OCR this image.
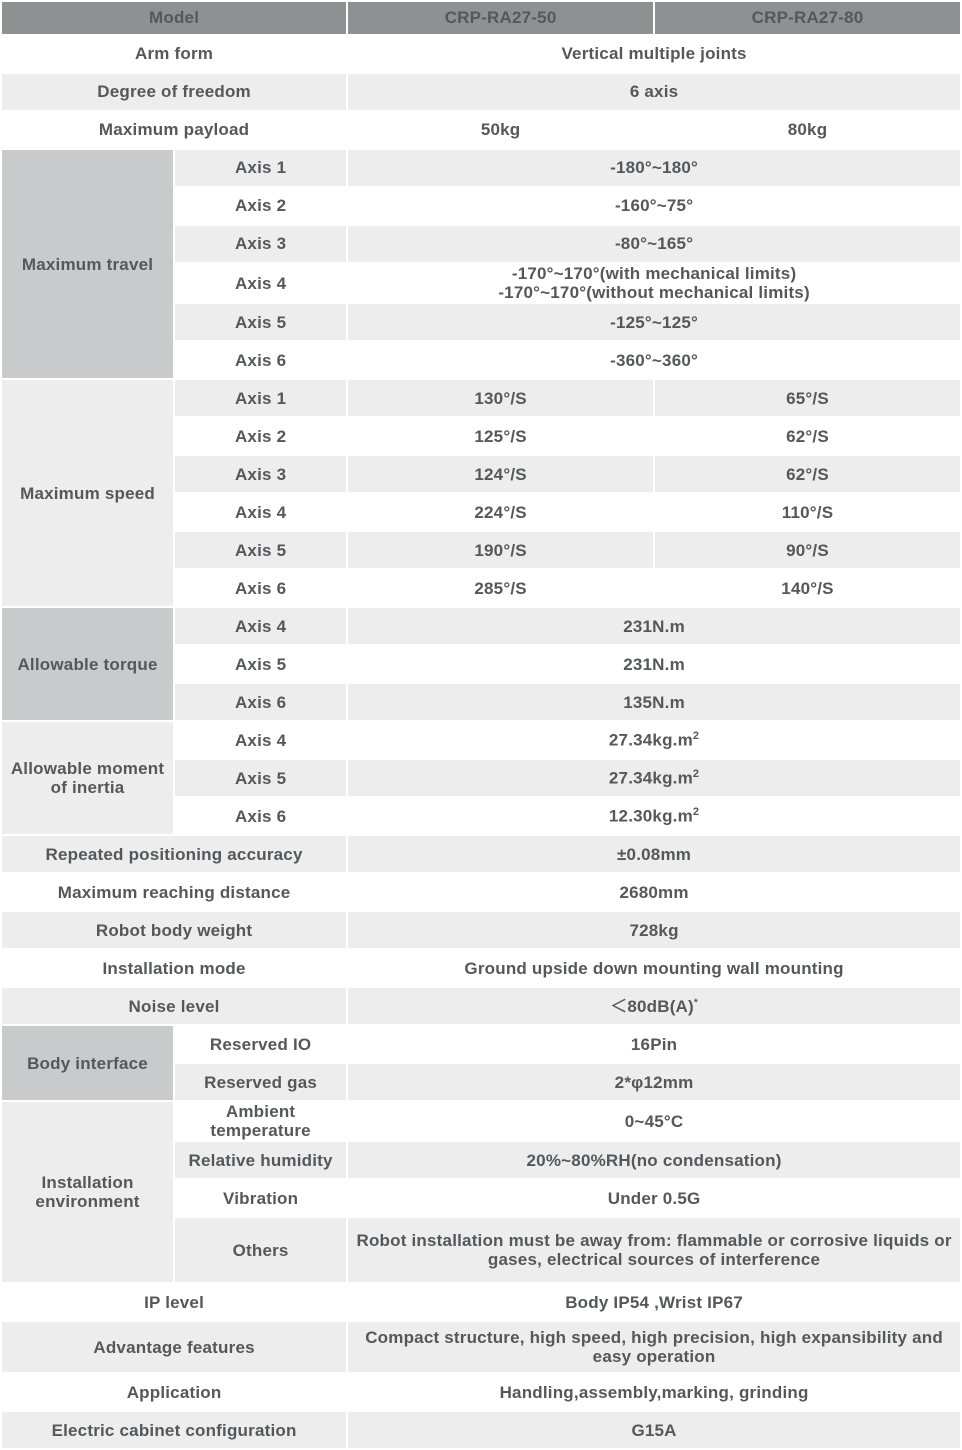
Model		CRP-RA27-50	CRP-RA27-80
Arm form		Vertical multiple joints	
Degree of freedom		6 axis	
Maximum payload		50kg	80kg
Maximum travel	Axis 1	-180°~180°	
	Axis 2	-160°~75°	
	Axis 3	-80°~165°	
	Axis 4	-170°~170°(with mechanical limits)
-170°~170°(without mechanical limits)	

	Axis 5	-125°~125°	
	Axis 6	-360°~360°	
Maximum speed	Axis 1	130°/S	65°/S
	Axis 2	125°/S	62°/S
	Axis 3	124°/S	62°/S
	Axis 4	224°/S	110°/S
	Axis 5	190°/S	90°/S
	Axis 6	285°/S	140°/S
Allowable torque	Axis 4	231N.m	
	Axis 5	231N.m	
	Axis 6	135N.m	
Allowable moment of inertia	Axis 4	$27.34kg.m^2$
	Axis 5	$27.34kg.m^2$
	Axis 6	$12.30kg.m^2$
Repeated positioning accuracy		±0.08mm	
Maximum reaching distance		2680mm	
Robot body weight		728kg	
Installation mode		Ground upside down mounting wall mounting	
Noise level		＜80dB(A)*
Body interface	Reserved IO	16Pin	
	Reserved gas	2*φ12mm	
Installation environment	Ambient temperature	0~45°C	
	Relative humidity	20%~80%RH(no condensation)	
	Vibration	Under 0.5G	
	Others	Robot installation must be away from: flammable or corrosive liquids or gases, electrical sources of interference	
IP level		Body IP54 ,Wrist IP67	
Advantage features		Compact structure, high speed, high precision, high expansibility and easy operation	
Application		Handling,assembly,marking, grinding	
Electric cabinet configuration		G15A	
